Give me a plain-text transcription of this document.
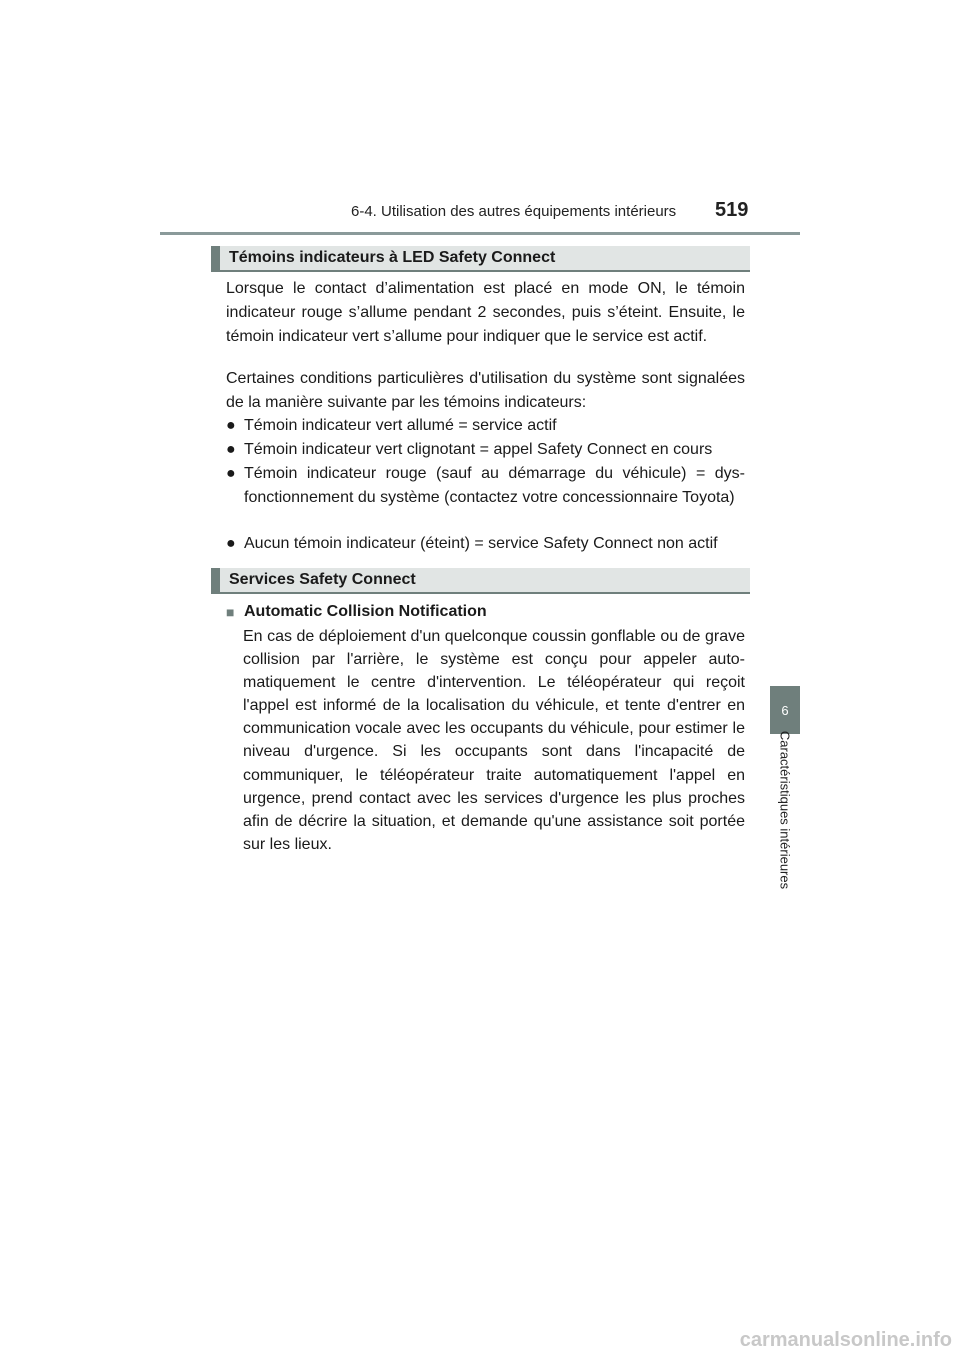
6-4. Utilisation des autres équipements intérieurs 519
6
Caractéristiques intérieures
Témoins indicateurs à LED Safety Connect

Lorsque le contact d’alimentation est placé en mode ON, le témoin indicateur rouge s’allume pendant 2 secondes, puis s’éteint. Ensuite, le témoin indicateur vert s’allume pour indiquer que le service est actif.

Certaines conditions particulières d'utilisation du système sont signalées de la manière suivante par les témoins indicateurs:

● Témoin indicateur vert allumé = service actif
● Témoin indicateur vert clignotant = appel Safety Connect en cours
● Témoin indicateur rouge (sauf au démarrage du véhicule) = dysfonctionnement du système (contactez votre concessionnaire Toyota)
● Aucun témoin indicateur (éteint) = service Safety Connect non actif
Services Safety Connect
■ Automatic Collision Notification

En cas de déploiement d'un quelconque coussin gonflable ou de grave collision par l'arrière, le système est conçu pour appeler automatiquement le centre d'intervention. Le téléopérateur qui reçoit l'appel est informé de la localisation du véhicule, et tente d'entrer en communication vocale avec les occupants du véhicule, pour estimer le niveau d'urgence. Si les occupants sont dans l'incapacité de communiquer, le téléopérateur traite automatiquement l'appel en urgence, prend contact avec les services d'urgence les plus proches afin de décrire la situation, et demande qu'une assistance soit portée sur les lieux.

carmanualsonline.info
